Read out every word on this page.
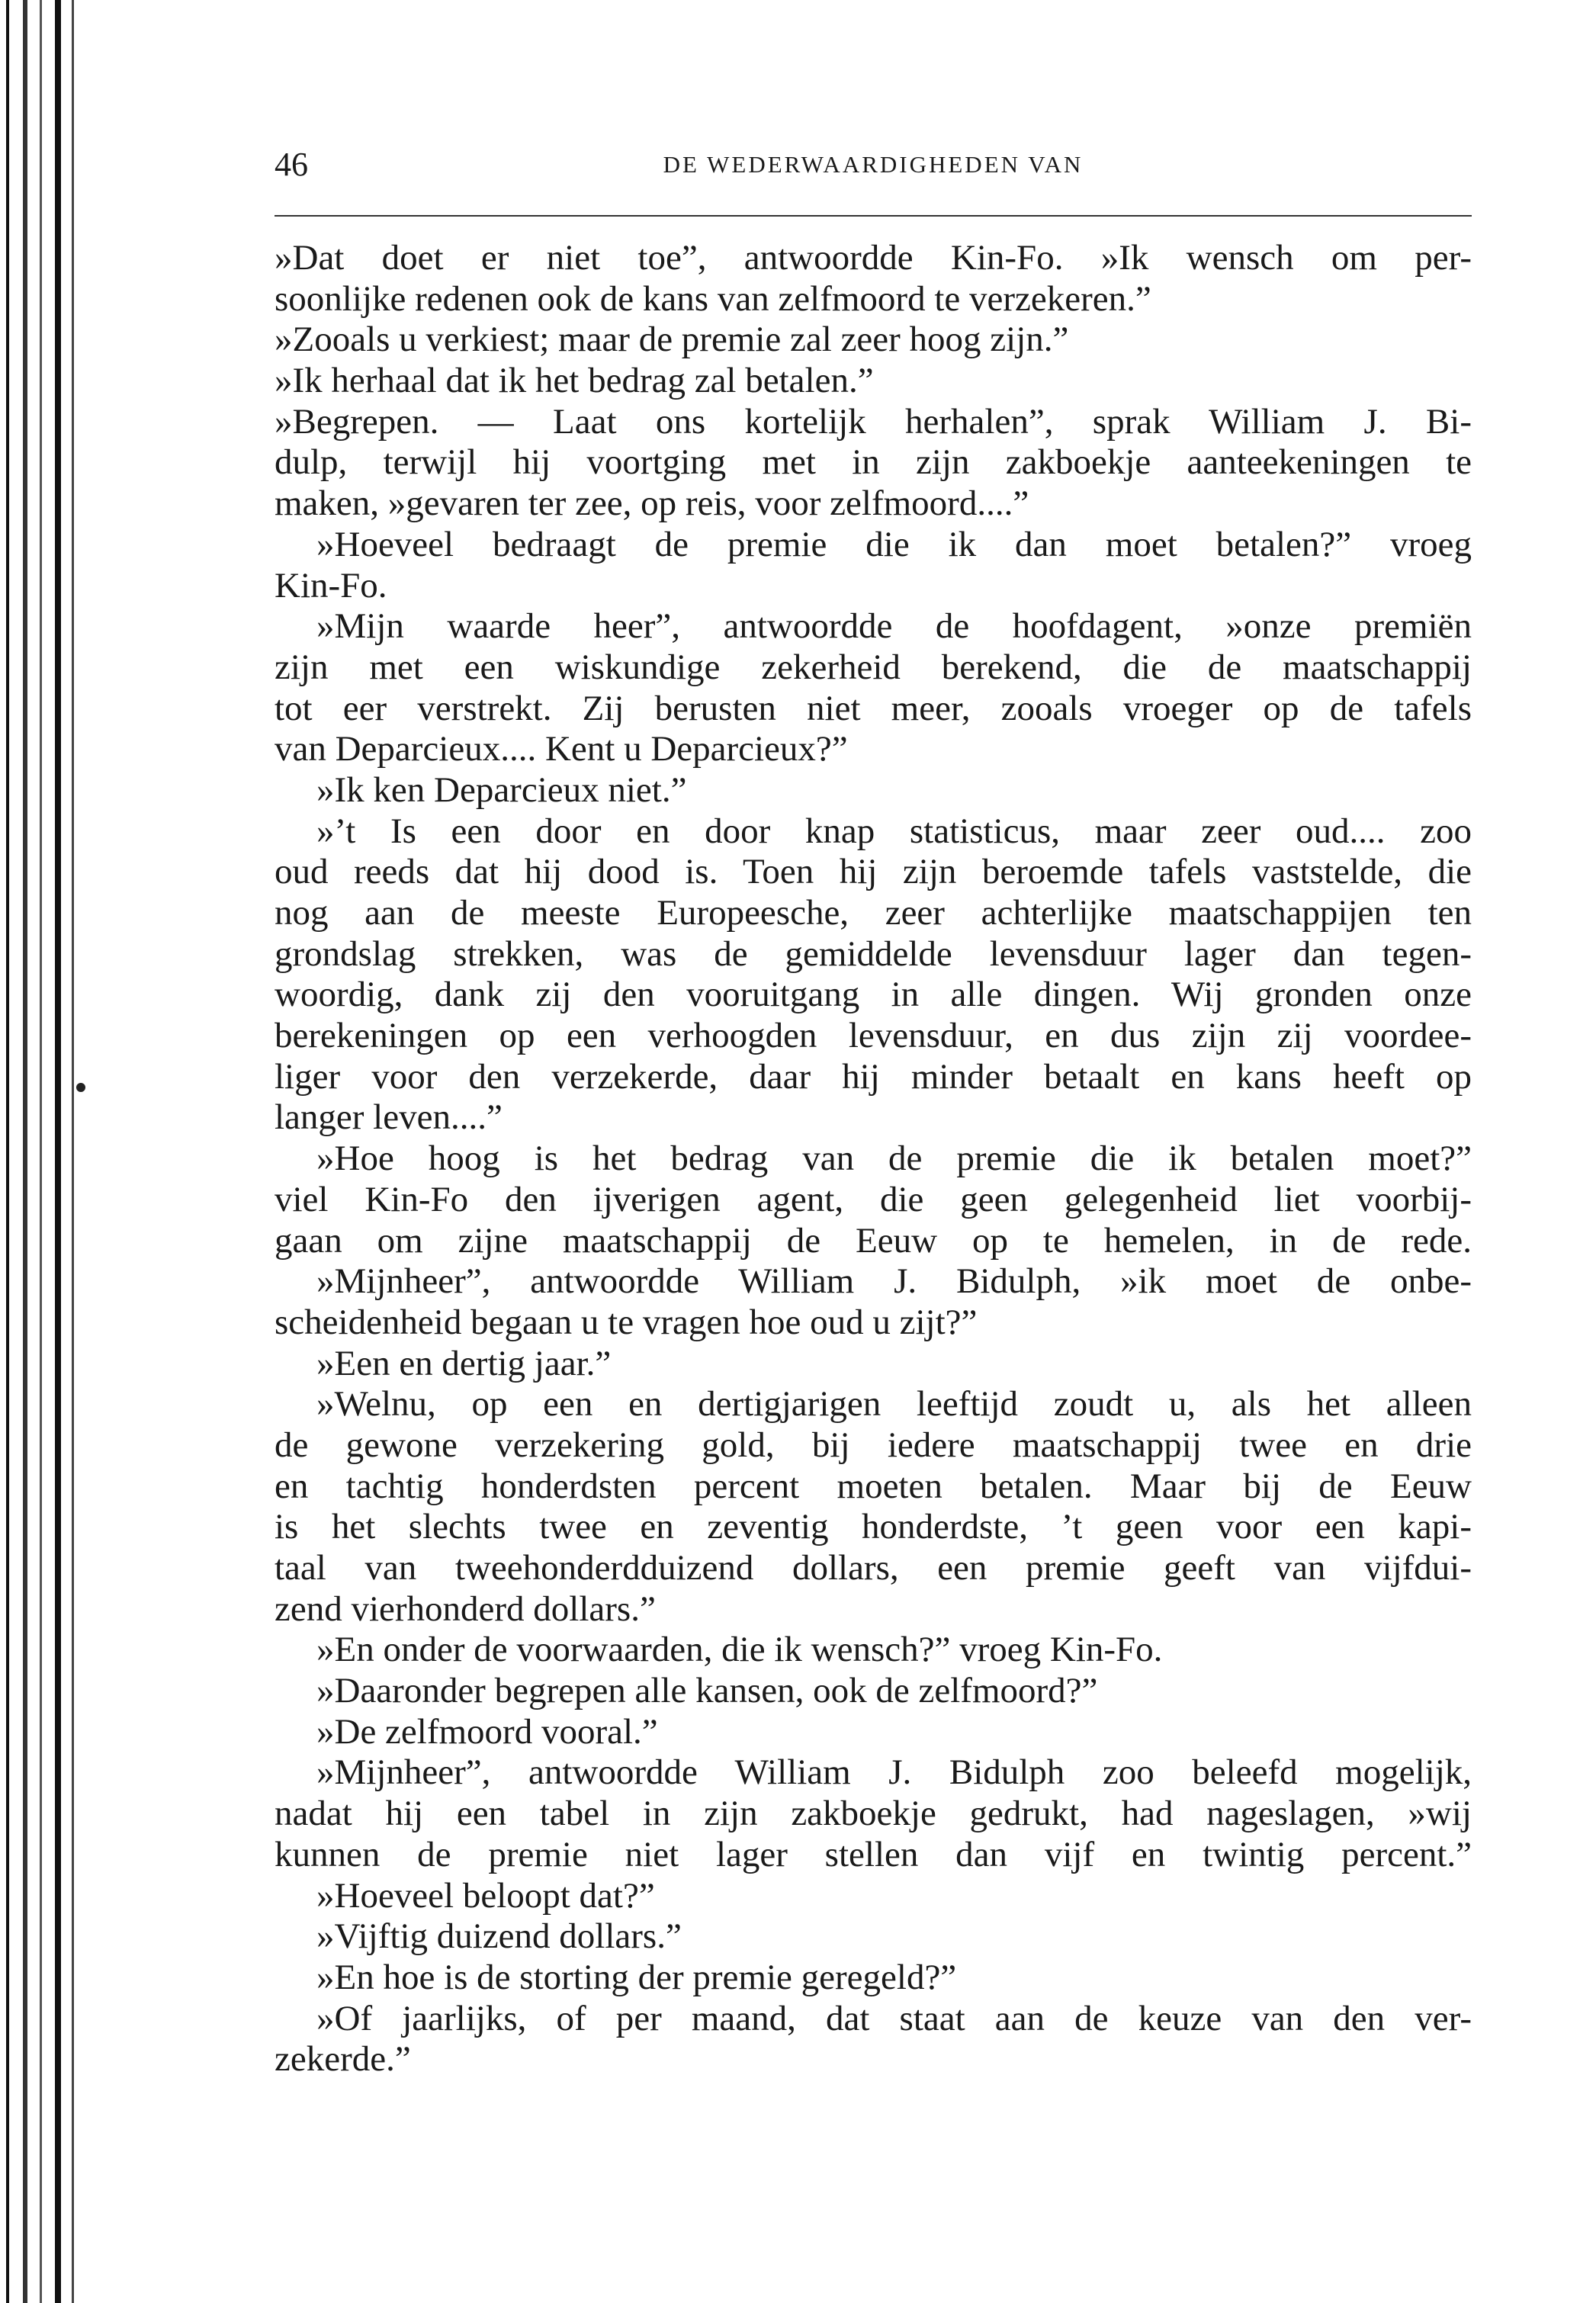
46	DE WEDERWAARDIGHEDEN VAN
»Dat doet er niet toe”, antwoordde Kin-Fo. »Ik wensch om per-
soonlijke redenen ook de kans van zelfmoord te verzekeren.”
»Zooals u verkiest; maar de premie zal zeer hoog zijn.”
»Ik herhaal dat ik het bedrag zal betalen.”
»Begrepen. — Laat ons kortelijk herhalen”, sprak William J. Bi-
dulp, terwijl hij voortging met in zijn zakboekje aanteekeningen te
maken, »gevaren ter zee, op reis, voor zelfmoord....”
»Hoeveel bedraagt de premie die ik dan moet betalen?” vroeg
Kin-Fo.
»Mijn waarde heer”, antwoordde de hoofdagent, »onze premiën
zijn met een wiskundige zekerheid berekend, die de maatschappij
tot eer verstrekt. Zij berusten niet meer, zooals vroeger op de tafels
van Deparcieux.... Kent u Deparcieux?”
»Ik ken Deparcieux niet.”
»’t Is een door en door knap statisticus, maar zeer oud.... zoo
oud reeds dat hij dood is. Toen hij zijn beroemde tafels vaststelde, die
nog aan de meeste Europeesche, zeer achterlijke maatschappijen ten
grondslag strekken, was de gemiddelde levensduur lager dan tegen-
woordig, dank zij den vooruitgang in alle dingen. Wij gronden onze
berekeningen op een verhoogden levensduur, en dus zijn zij voordee-
liger voor den verzekerde, daar hij minder betaalt en kans heeft op
langer leven....”
»Hoe hoog is het bedrag van de premie die ik betalen moet?”
viel Kin-Fo den ijverigen agent, die geen gelegenheid liet voorbij-
gaan om zijne maatschappij de Eeuw op te hemelen, in de rede.
»Mijnheer”, antwoordde William J. Bidulph, »ik moet de onbe-
scheidenheid begaan u te vragen hoe oud u zijt?”
»Een en dertig jaar.”
»Welnu, op een en dertigjarigen leeftijd zoudt u, als het alleen
de gewone verzekering gold, bij iedere maatschappij twee en drie
en tachtig honderdsten percent moeten betalen. Maar bij de Eeuw
is het slechts twee en zeventig honderdste, ’t geen voor een kapi-
taal van tweehonderdduizend dollars, een premie geeft van vijfdui-
zend vierhonderd dollars.”
»En onder de voorwaarden, die ik wensch?” vroeg Kin-Fo.
»Daaronder begrepen alle kansen, ook de zelfmoord?”
»De zelfmoord vooral.”
»Mijnheer”, antwoordde William J. Bidulph zoo beleefd mogelijk,
nadat hij een tabel in zijn zakboekje gedrukt, had nageslagen, »wij
kunnen de premie niet lager stellen dan vijf en twintig percent.”
»Hoeveel beloopt dat?”
»Vijftig duizend dollars.”
»En hoe is de storting der premie geregeld?”
»Of jaarlijks, of per maand, dat staat aan de keuze van den ver-
zekerde.”
